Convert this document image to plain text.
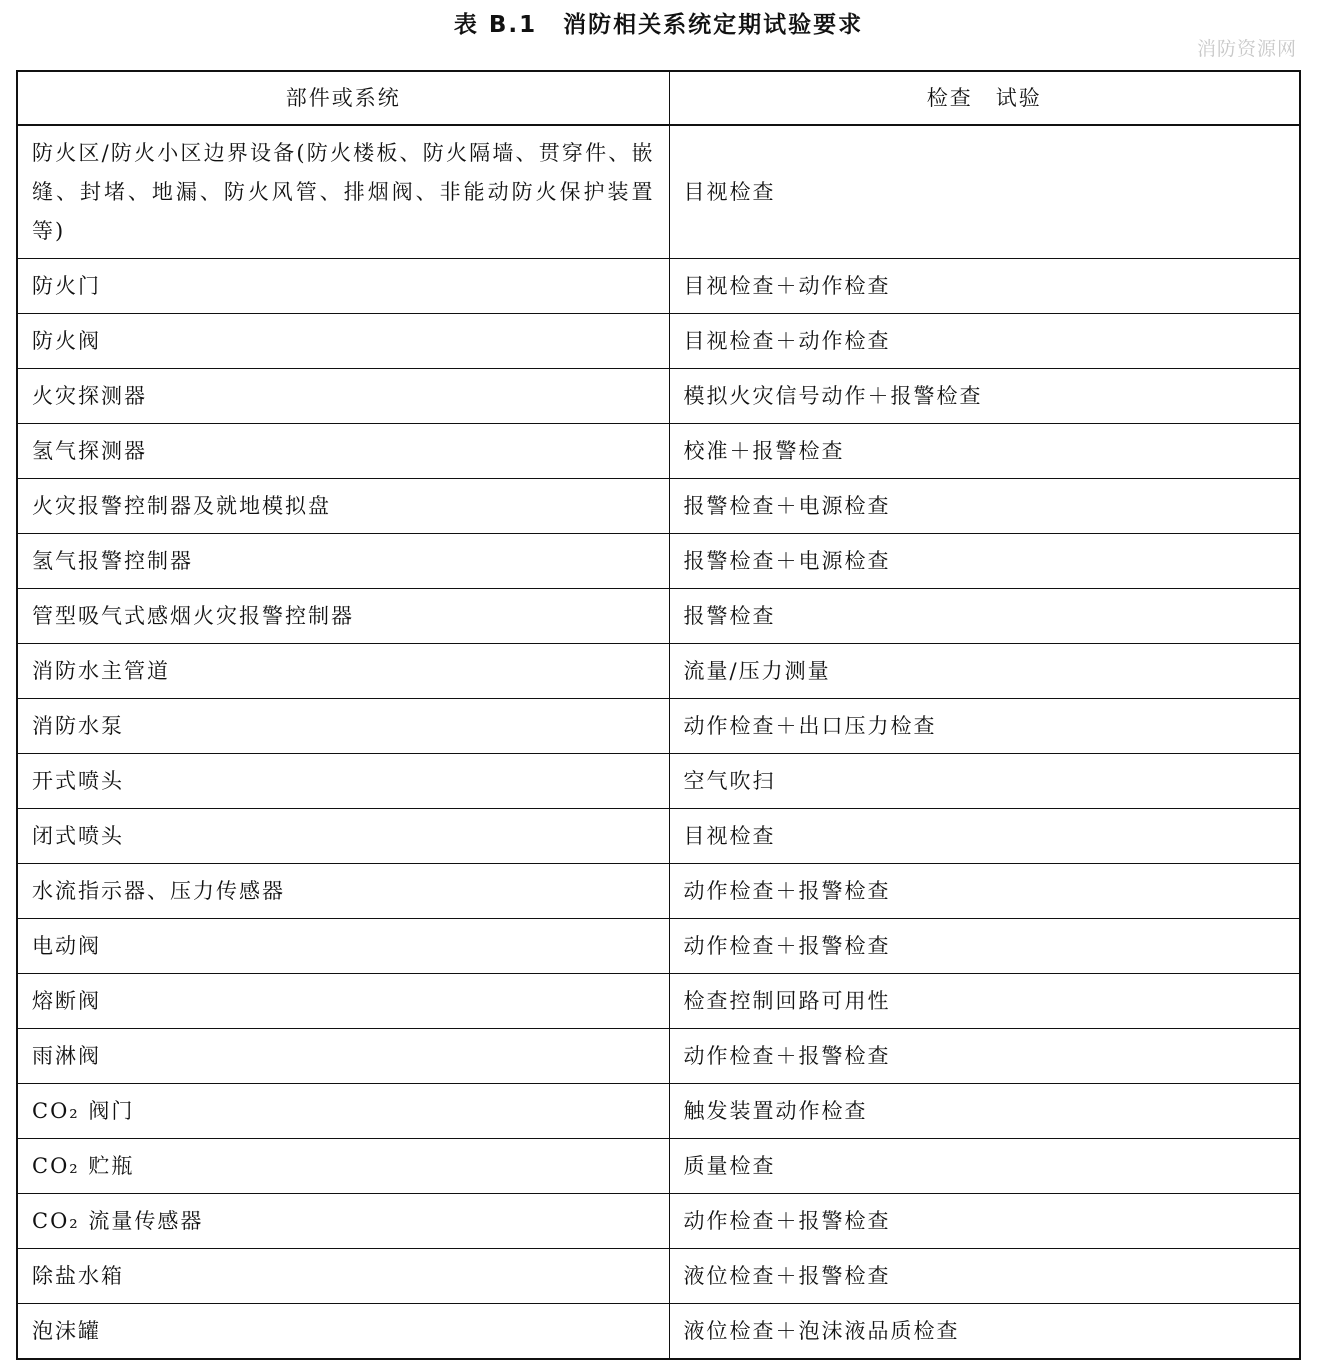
表 B.1 消防相关系统定期试验要求
消防资源网
部件或系统	检查　试验
防火区/防火小区边界设备(防火楼板、防火隔墙、贯穿件、嵌缝、封堵、地漏、防火风管、排烟阀、非能动防火保护装置等)	目视检查
防火门	目视检查＋动作检查
防火阀	目视检查＋动作检查
火灾探测器	模拟火灾信号动作＋报警检查
氢气探测器	校准＋报警检查
火灾报警控制器及就地模拟盘	报警检查＋电源检查
氢气报警控制器	报警检查＋电源检查
管型吸气式感烟火灾报警控制器	报警检查
消防水主管道	流量/压力测量
消防水泵	动作检查＋出口压力检查
开式喷头	空气吹扫
闭式喷头	目视检查
水流指示器、压力传感器	动作检查＋报警检查
电动阀	动作检查＋报警检查
熔断阀	检查控制回路可用性
雨淋阀	动作检查＋报警检查
CO₂ 阀门	触发装置动作检查
CO₂ 贮瓶	质量检查
CO₂ 流量传感器	动作检查＋报警检查
除盐水箱	液位检查＋报警检查
泡沫罐	液位检查＋泡沫液品质检查
